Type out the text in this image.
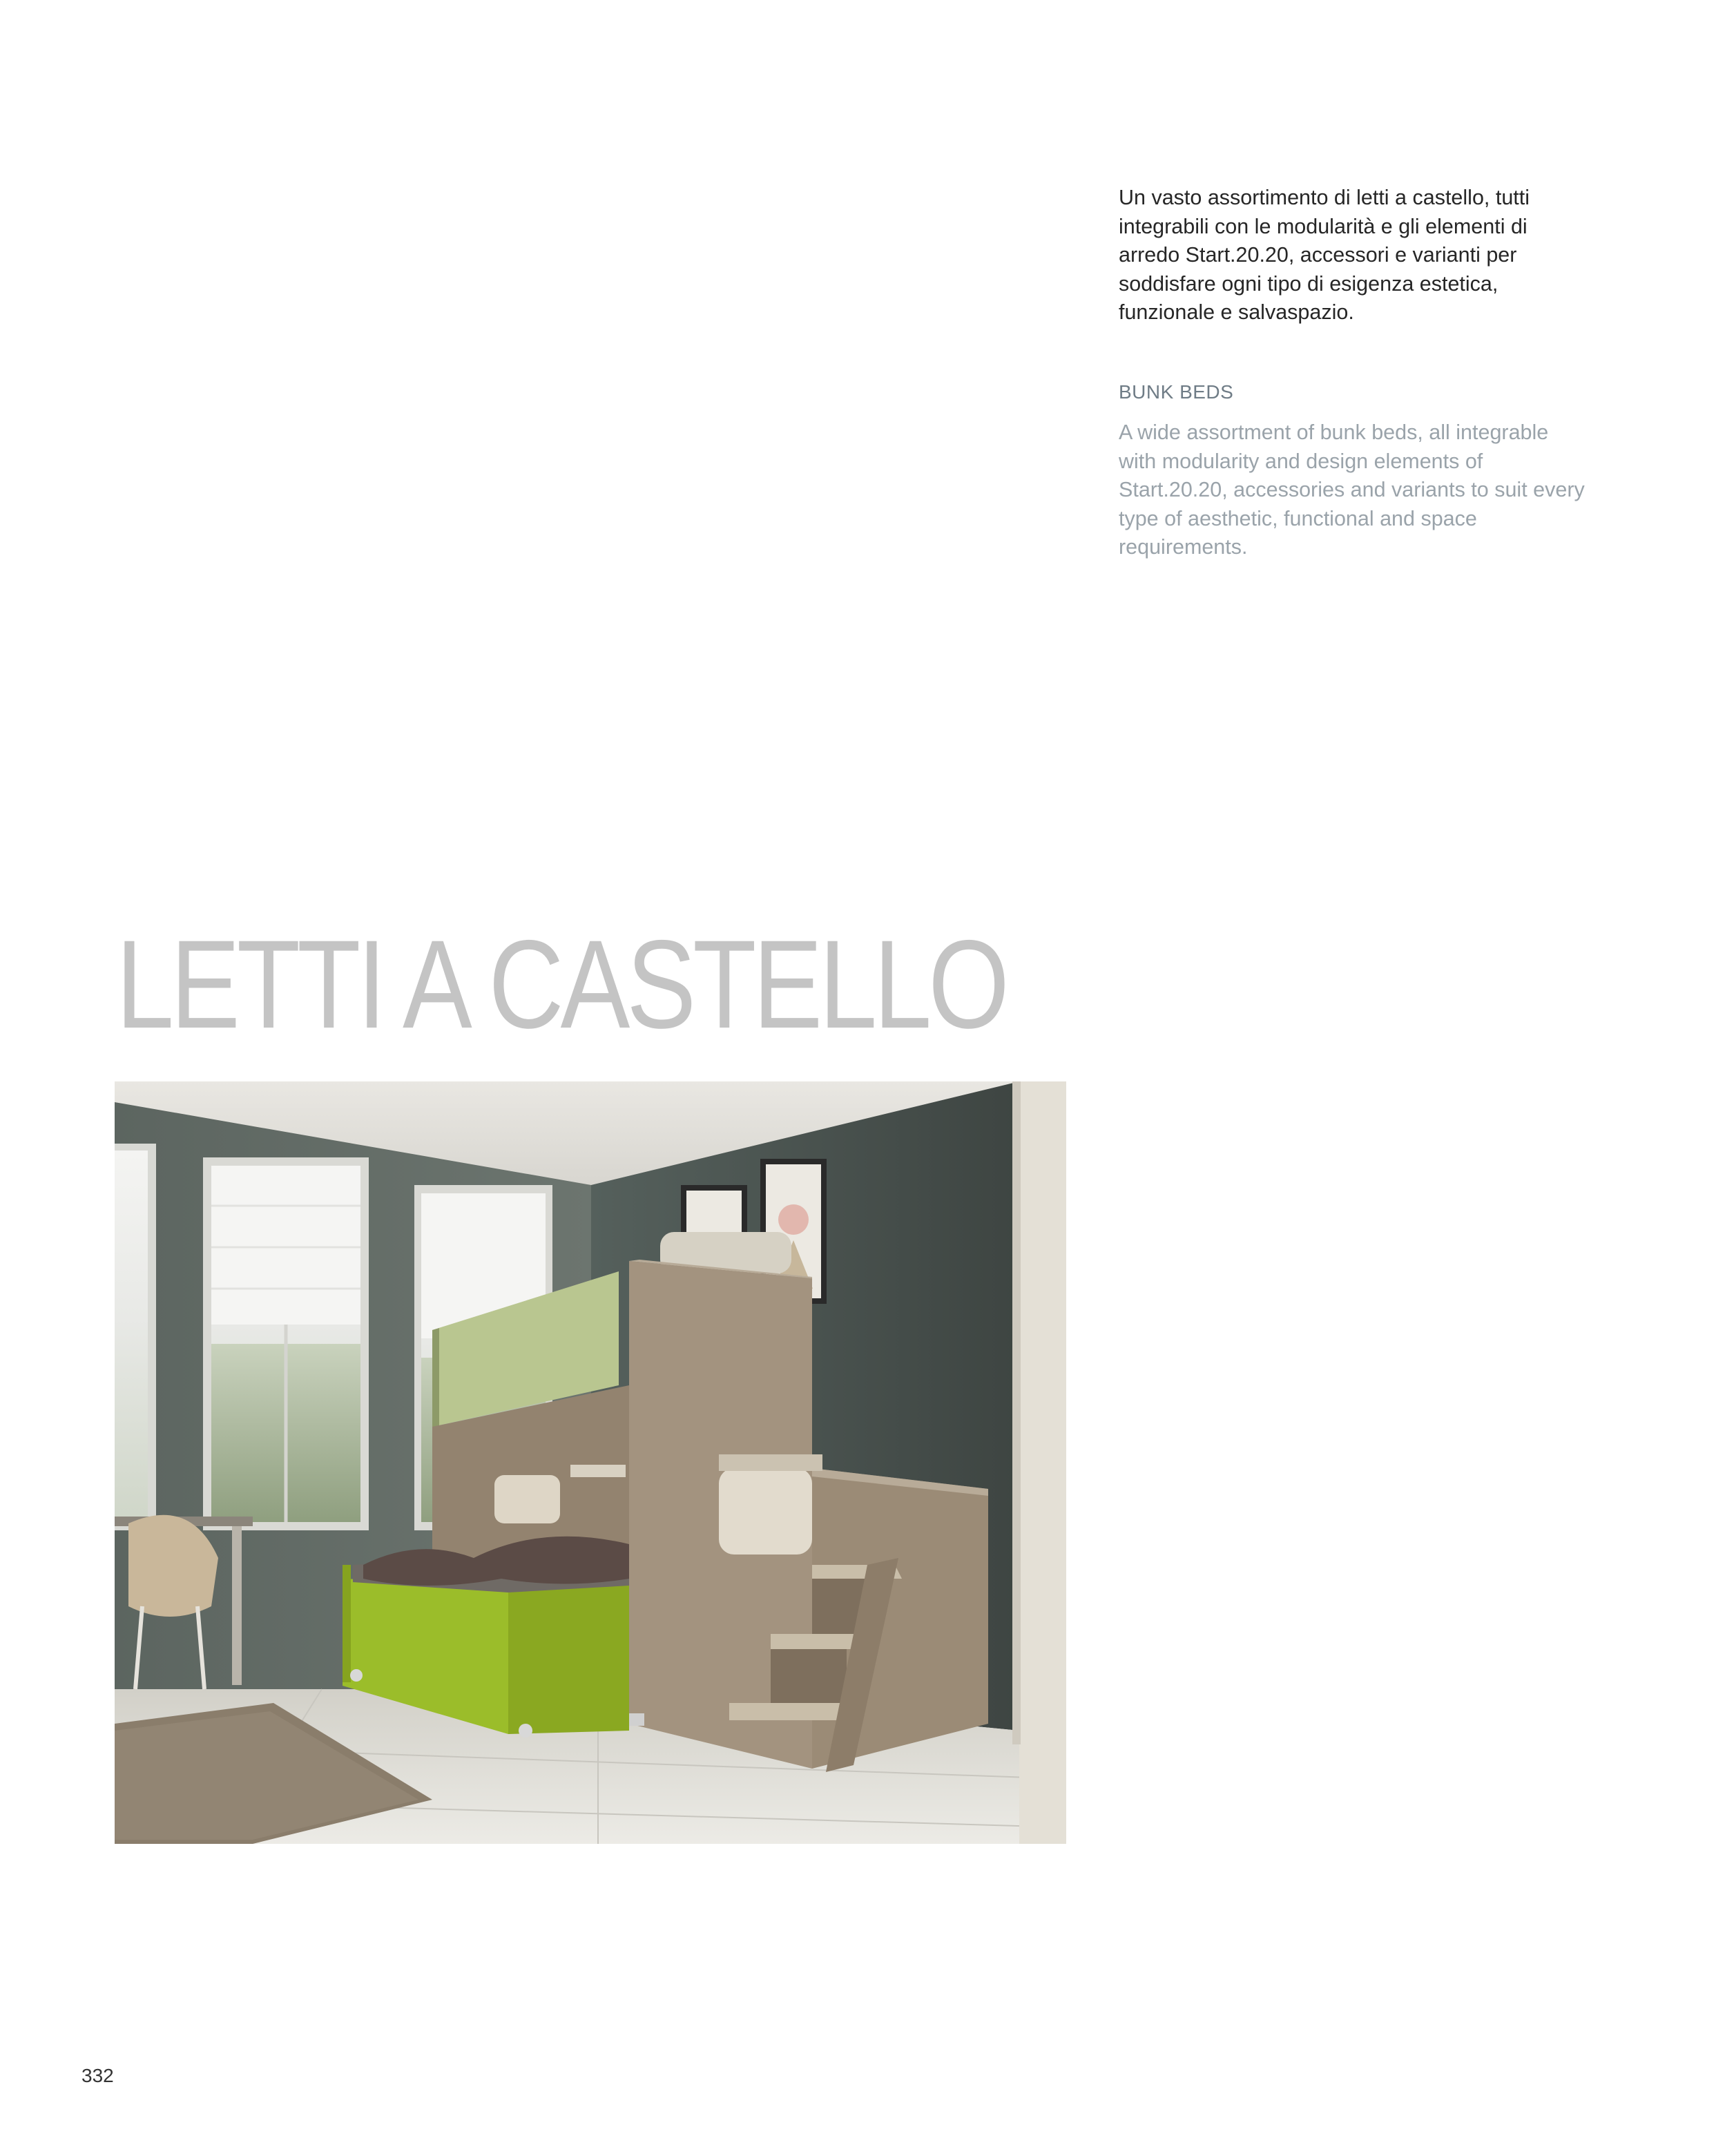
Un vasto assortimento di letti a castello, tutti integrabili con le modularità e gli elementi di arredo Start.20.20, accessori e varianti per soddisfare ogni tipo di esigenza estetica, funzionale e salvaspazio.

BUNK BEDS

A wide assortment of bunk beds, all integrable with modularity and design elements of Start.20.20, accessories and variants to suit every type of aesthetic, functional and space requirements.

LETTI A CASTELLO

332
